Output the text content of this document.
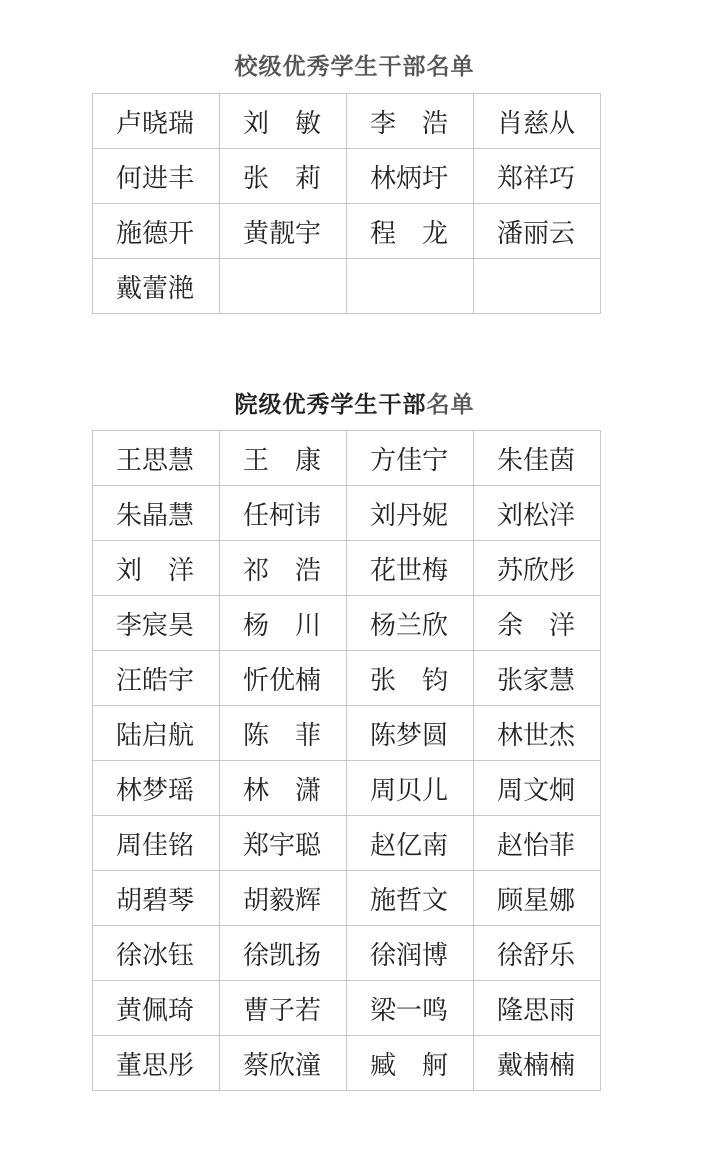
校级优秀学生干部名单
卢晓瑞	刘　敏	李　浩	肖慈从
何进丰	张　莉	林炳圩	郑祥巧
施德开	黄靓宇	程　龙	潘丽云
戴蕾滟			
院级优秀学生干部名单
王思慧	王　康	方佳宁	朱佳茵
朱晶慧	任柯讳	刘丹妮	刘松洋
刘　洋	祁　浩	花世梅	苏欣彤
李宸昊	杨　川	杨兰欣	余　洋
汪皓宇	忻优楠	张　钧	张家慧
陆启航	陈　菲	陈梦圆	林世杰
林梦瑶	林　潇	周贝儿	周文炯
周佳铭	郑宇聪	赵亿南	赵怡菲
胡碧琴	胡毅辉	施哲文	顾星娜
徐冰钰	徐凯扬	徐润博	徐舒乐
黄佩琦	曹子若	梁一鸣	隆思雨
董思彤	蔡欣潼	臧　舸	戴楠楠
